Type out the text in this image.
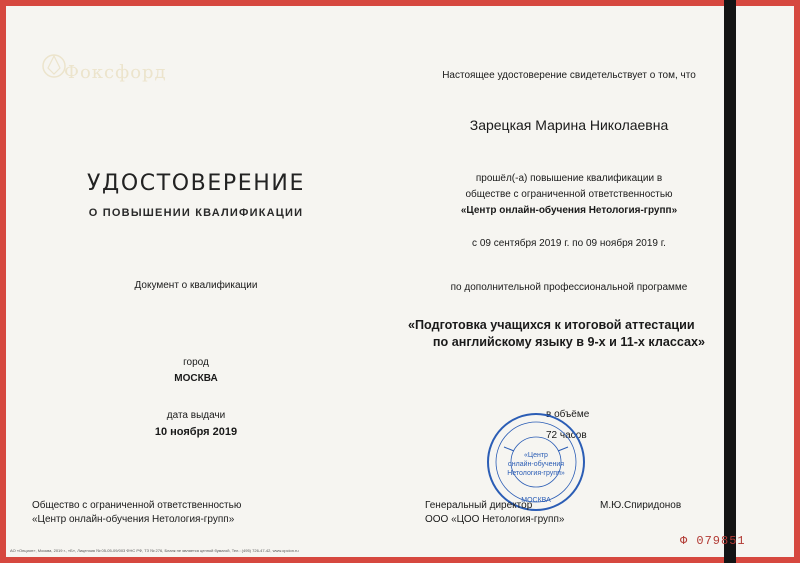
Фоксфорд
УДОСТОВЕРЕНИЕ
О ПОВЫШЕНИИ КВАЛИФИКАЦИИ
Документ о квалификации
город
МОСКВА
дата выдачи
10 ноября 2019
Общество с ограниченной ответственностью
«Центр онлайн-обучения Нетология-групп»
Настоящее удостоверение свидетельствует о том, что
Зарецкая Марина Николаевна
прошёл(-а) повышение квалификации в
обществе с ограниченной ответственностью
«Центр онлайн-обучения Нетология-групп»
с 09 сентября 2019 г. по 09 ноября 2019 г.
по дополнительной профессиональной программе
«Подготовка учащихся к итоговой аттестации
по английскому языку в 9-х и 11-х классах»
в объёме
72 часов
«Центр
онлайн-обучения
Нетология-групп»
МОСКВА
Генеральный директор
ООО «ЦОО Нетология-групп»
М.Ю.Спиридонов
Ф 079851
АО «Опцион», Москва, 2019 г., «Б», Лицензия № 05-05-09/003 ФНС РФ, ТЗ № 276, Бланк не является ценной бумагой, Тел.: (495) 726-47-42, www.opcion.ru
